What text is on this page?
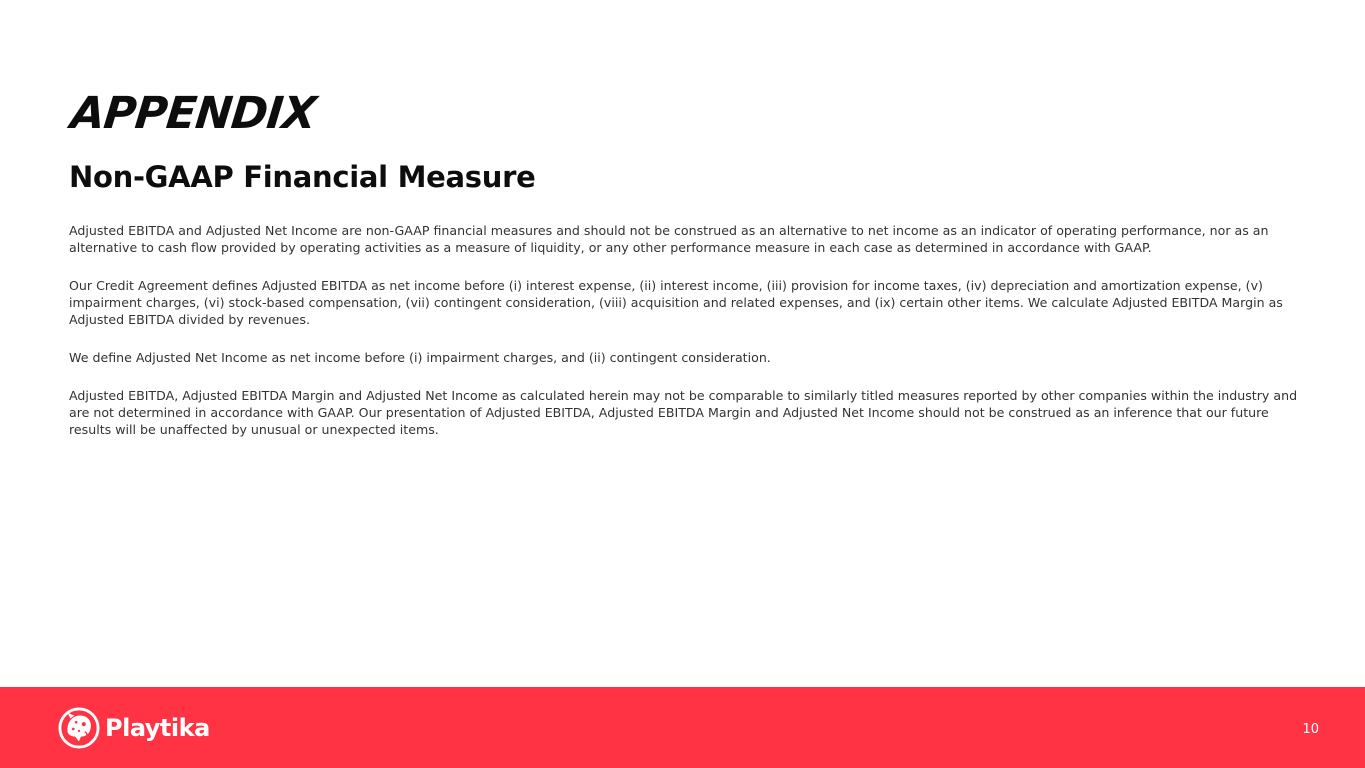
APPENDIX
Non-GAAP Financial Measure

Adjusted EBITDA and Adjusted Net Income are non-GAAP financial measures and should not be construed as an alternative to net income as an indicator of operating performance, nor as an alternative to cash flow provided by operating activities as a measure of liquidity, or any other performance measure in each case as determined in accordance with GAAP.

Our Credit Agreement defines Adjusted EBITDA as net income before (i) interest expense, (ii) interest income, (iii) provision for income taxes, (iv) depreciation and amortization expense, (v) impairment charges, (vi) stock-based compensation, (vii) contingent consideration, (viii) acquisition and related expenses, and (ix) certain other items. We calculate Adjusted EBITDA Margin as Adjusted EBITDA divided by revenues.

We define Adjusted Net Income as net income before (i) impairment charges, and (ii) contingent consideration.

Adjusted EBITDA, Adjusted EBITDA Margin and Adjusted Net Income as calculated herein may not be comparable to similarly titled measures reported by other companies within the industry and are not determined in accordance with GAAP. Our presentation of Adjusted EBITDA, Adjusted EBITDA Margin and Adjusted Net Income should not be construed as an inference that our future results will be unaffected by unusual or unexpected items.

Playtika	10
